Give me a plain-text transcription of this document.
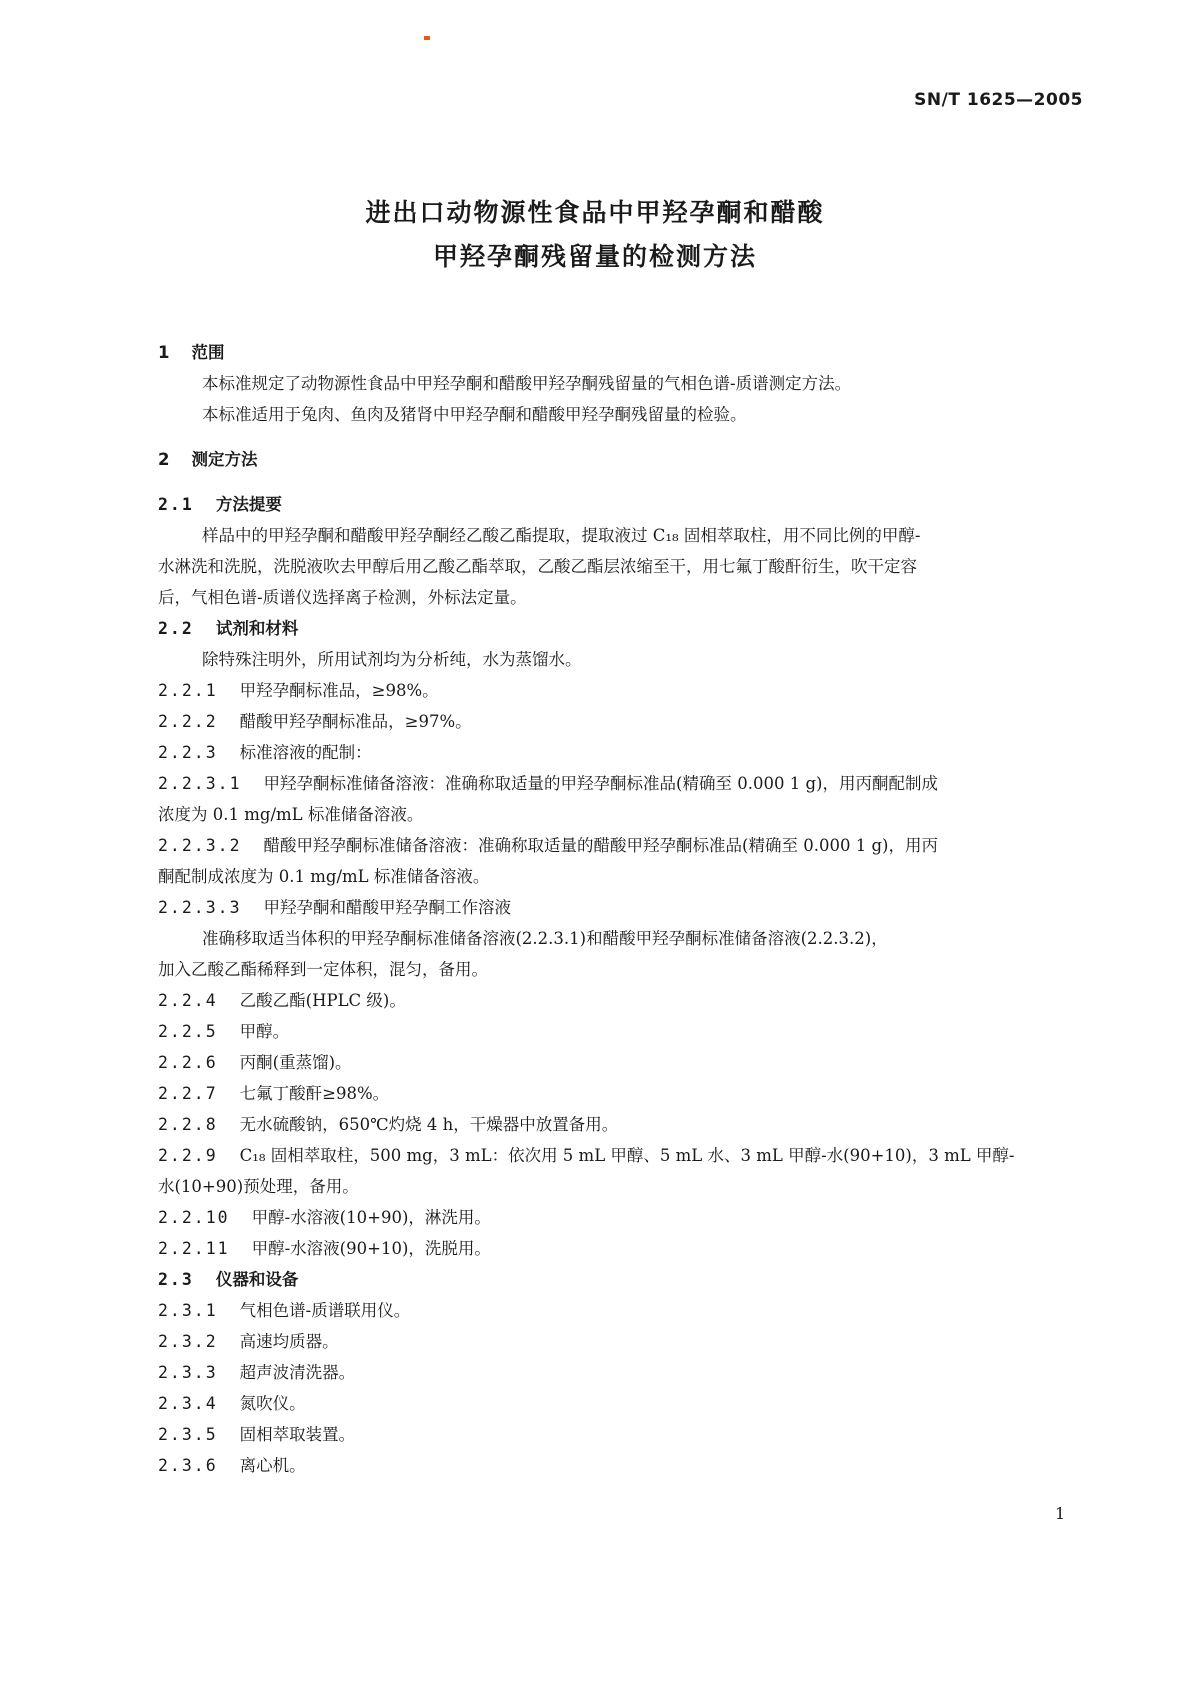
SN/T 1625—2005
进出口动物源性食品中甲羟孕酮和醋酸
甲羟孕酮残留量的检测方法
1 范围
本标准规定了动物源性食品中甲羟孕酮和醋酸甲羟孕酮残留量的气相色谱-质谱测定方法。
本标准适用于兔肉、鱼肉及猪肾中甲羟孕酮和醋酸甲羟孕酮残留量的检验。
2 测定方法
2.1 方法提要
样品中的甲羟孕酮和醋酸甲羟孕酮经乙酸乙酯提取，提取液过 C₁₈ 固相萃取柱，用不同比例的甲醇-
水淋洗和洗脱，洗脱液吹去甲醇后用乙酸乙酯萃取，乙酸乙酯层浓缩至干，用七氟丁酸酐衍生，吹干定容
后，气相色谱-质谱仪选择离子检测，外标法定量。
2.2 试剂和材料
除特殊注明外，所用试剂均为分析纯，水为蒸馏水。
2.2.1 甲羟孕酮标准品，≥98%。
2.2.2 醋酸甲羟孕酮标准品，≥97%。
2.2.3 标准溶液的配制：
2.2.3.1 甲羟孕酮标准储备溶液：准确称取适量的甲羟孕酮标准品(精确至 0.000 1 g)，用丙酮配制成
浓度为 0.1 mg/mL 标准储备溶液。
2.2.3.2 醋酸甲羟孕酮标准储备溶液：准确称取适量的醋酸甲羟孕酮标准品(精确至 0.000 1 g)，用丙
酮配制成浓度为 0.1 mg/mL 标准储备溶液。
2.2.3.3 甲羟孕酮和醋酸甲羟孕酮工作溶液
准确移取适当体积的甲羟孕酮标准储备溶液(2.2.3.1)和醋酸甲羟孕酮标准储备溶液(2.2.3.2)，
加入乙酸乙酯稀释到一定体积，混匀，备用。
2.2.4 乙酸乙酯(HPLC 级)。
2.2.5 甲醇。
2.2.6 丙酮(重蒸馏)。
2.2.7 七氟丁酸酐≥98%。
2.2.8 无水硫酸钠，650℃灼烧 4 h，干燥器中放置备用。
2.2.9 C₁₈ 固相萃取柱，500 mg，3 mL：依次用 5 mL 甲醇、5 mL 水、3 mL 甲醇-水(90+10)，3 mL 甲醇-
水(10+90)预处理，备用。
2.2.10 甲醇-水溶液(10+90)，淋洗用。
2.2.11 甲醇-水溶液(90+10)，洗脱用。
2.3 仪器和设备
2.3.1 气相色谱-质谱联用仪。
2.3.2 高速均质器。
2.3.3 超声波清洗器。
2.3.4 氮吹仪。
2.3.5 固相萃取装置。
2.3.6 离心机。
1
